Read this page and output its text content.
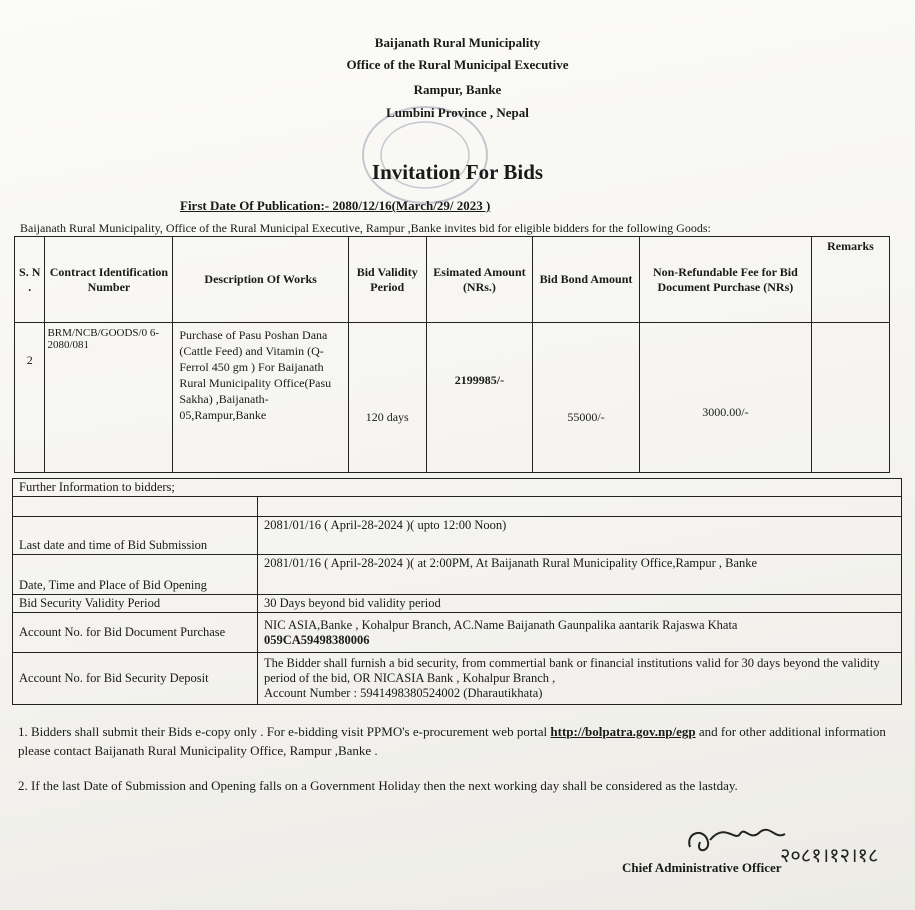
Baijanath Rural Municipality
Office of the Rural Municipal Executive
Rampur, Banke
Lumbini Province , Nepal
Invitation For Bids
First Date Of Publication:- 2080/12/16(March/29/ 2023 )
Baijanath Rural Municipality, Office of the Rural Municipal Executive, Rampur ,Banke invites bid for eligible bidders for the following Goods:
S. N .	Contract Identification Number	Description Of Works	Bid Validity Period	Esimated Amount (NRs.)	Bid Bond Amount	Non-Refundable Fee for Bid Document Purchase (NRs)	Remarks
2	BRM/NCB/GOODS/0 6-2080/081	Purchase of Pasu Poshan Dana (Cattle Feed) and Vitamin (Q-Ferrol 450 gm ) For Baijanath Rural Municipality Office(Pasu Sakha) ,Baijanath-05,Rampur,Banke	120 days	2199985/-	55000/-	3000.00/-	
Further Information to bidders;	

Last date and time of Bid Submission	2081/01/16 ( April-28-2024 )( upto 12:00 Noon)
Date, Time and Place of Bid Opening	2081/01/16 ( April-28-2024 )( at 2:00PM, At Baijanath Rural Municipality Office,Rampur , Banke
Bid Security Validity Period	30 Days beyond bid validity period
Account No. for Bid Document Purchase	NIC ASIA,Banke , Kohalpur Branch, AC.Name Baijanath Gaunpalika aantarik Rajaswa Khata
059CA59498380006

Account No. for Bid Security Deposit	The Bidder shall furnish a bid security, from commertial bank or financial institutions valid for 30 days beyond the validity period of the bid, OR NICASIA Bank , Kohalpur Branch ,
Account Number : 5941498380524002 (Dharautikhata)
1. Bidders shall submit their Bids e-copy only . For e-bidding visit PPMO's e-procurement web portal http://bolpatra.gov.np/egp and for other additional information please contact Baijanath Rural Municipality Office, Rampur ,Banke .
2. If the last Date of Submission and Opening falls on a Government Holiday then the next working day shall be considered as the lastday.
२०८१।१२।१८
Chief Administrative Officer
